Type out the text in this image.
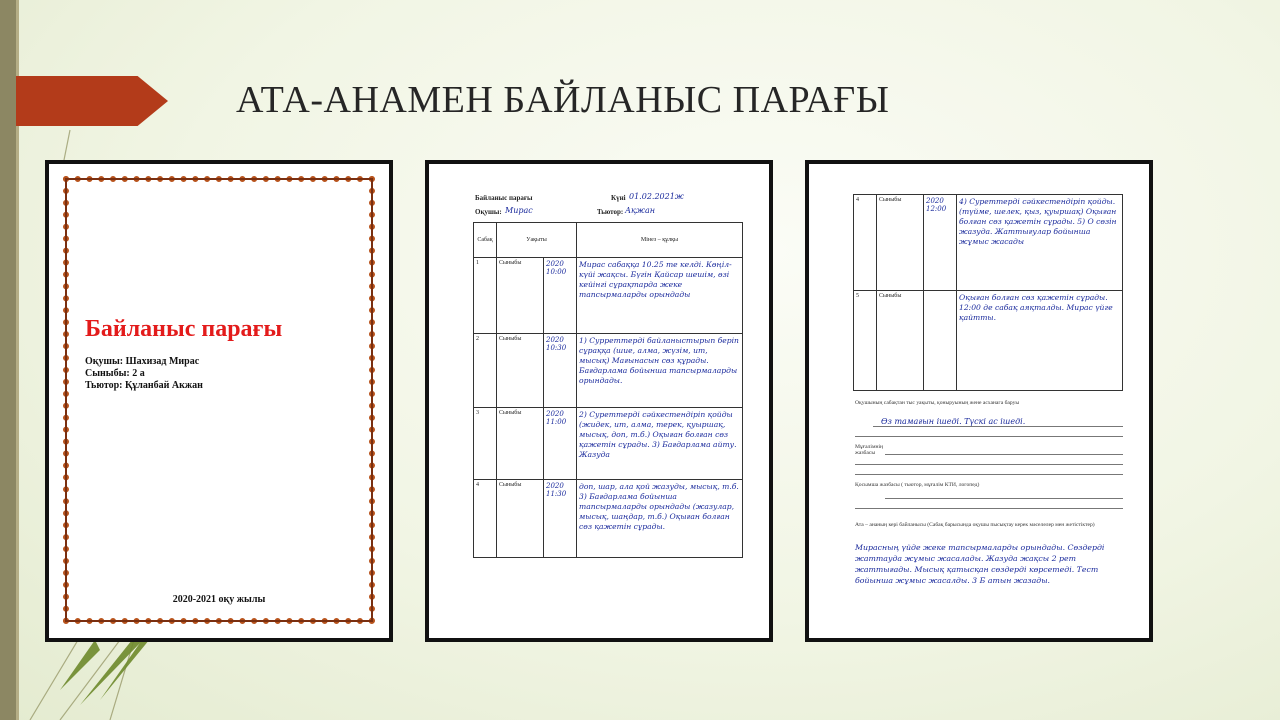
АТА-АНАМЕН БАЙЛАНЫС ПАРАҒЫ
Байланыс парағы
Оқушы: Шахизад Мирас
Сыныбы: 2 а
Тьютор: Құланбай Акжан
2020-2021 оқу жылы
Байланыс парағы	Күні 01.02.2021ж
Оқушы: Мирас	Тьютор: Ақжан
Сабақ	Уақыты		Мінез – құлқы
1	Сыныбы	2020 10:00	Мирас сабаққа 10.25 те келді. Көңіл-күйі жақсы. Бүгін Қайсар шешім, өзі кейінгі сұрақтарда жеке тапсырмаларды орындады
2	Сыныбы	2020 10:30	1) Сурреттерді байланыстырып беріп сұраққа (шие, алма, жүзім, ит, мысық) Мағынасын сөз құрады. Бағдарлама бойынша тапсырмаларды орындады.
3	Сыныбы	2020 11:00	2) Суреттерді сәйкестендіріп қойды (жидек, ит, алма, терек, қуыршақ, мысық, доп, т.б.) Оқыған болған сөз қажетін сұрады. 3) Бағдарлама айту. Жазуда
4	Сыныбы	2020 11:30	доп, шар, ала қой жазуды, мысық, т.б. 3) Бағдарлама бойынша тапсырмаларды орындады (жазулар, мысық, шаңдар, т.б.) Оқыған болған сөз қажетін сұрады.
4	Сыныбы	2020 12:00	4) Суреттерді сәйкестендіріп қойды. (түйме, шелек, қыз, қуыршақ) Оқыған болған сөз қажетін сұрады. 5) О сөзін жазуда. Жаттығулар бойынша жұмыс жасады
5	Сыныбы		Оқыған болған сөз қажетін сұрады. 12:00 де сабақ аяқталды. Мирас үйге қайтты.
Оқушының сабақтан тыс уақыты, қоныруының жене асханага баруы
Өз тамағын ішеді. Түскі ас ішеді.
Мұғалімнің жазбасы
Қосымша жазбасы ( тьютор, мұғалім КТИ, логопед)
Ата – ананың кері байланысы (Сабақ барысында оқушы пысықтау керек мәселелер мен жетістіктер)
Мирасның үйде жеке тапсырмаларды орындады. Сөздерді жаттауда жұмыс жасалады. Жазуда жақсы 2 рет жаттығады. Мысық қатысқан сөздерді көрсетеді. Тест бойынша жұмыс жасалды. 3 Б атын жазады.
